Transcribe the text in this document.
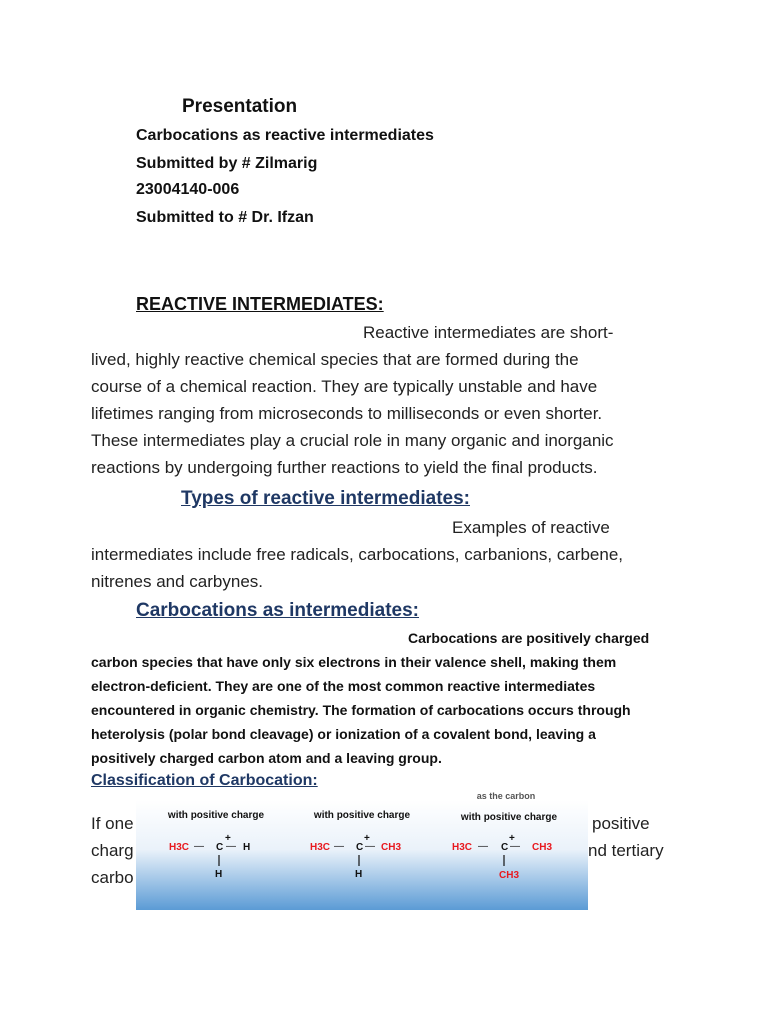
Presentation
Carbocations as reactive intermediates
Submitted by # Zilmarig
23004140-006
Submitted to # Dr. Ifzan
REACTIVE INTERMEDIATES:
Reactive intermediates are short-
lived, highly reactive chemical species that are formed during the
course of a chemical reaction. They are typically unstable and have
lifetimes ranging from microseconds to milliseconds or even shorter.
These intermediates play a crucial role in many organic and inorganic
reactions by undergoing further reactions to yield the final products.
Types of reactive intermediates:
Examples of reactive
intermediates include free radicals, carbocations, carbanions, carbene,
nitrenes and carbynes.
Carbocations as intermediates:
Carbocations are positively charged
carbon species that have only six electrons in their valence shell, making them
electron-deficient. They are one of the most common reactive intermediates
encountered in organic chemistry. The formation of carbocations occurs through
heterolysis (polar bond cleavage) or ionization of a covalent bond, leaving a
positively charged carbon atom and a leaving group.
Classification of Carbocation:
If one
charg
carbo
positive
nd tertiary
as the carbon
with positive charge
H3C — C
+
— H
H
with positive charge
H3C — C
+
— CH3
H
with positive charge
H3C — C
+
— CH3
CH3
